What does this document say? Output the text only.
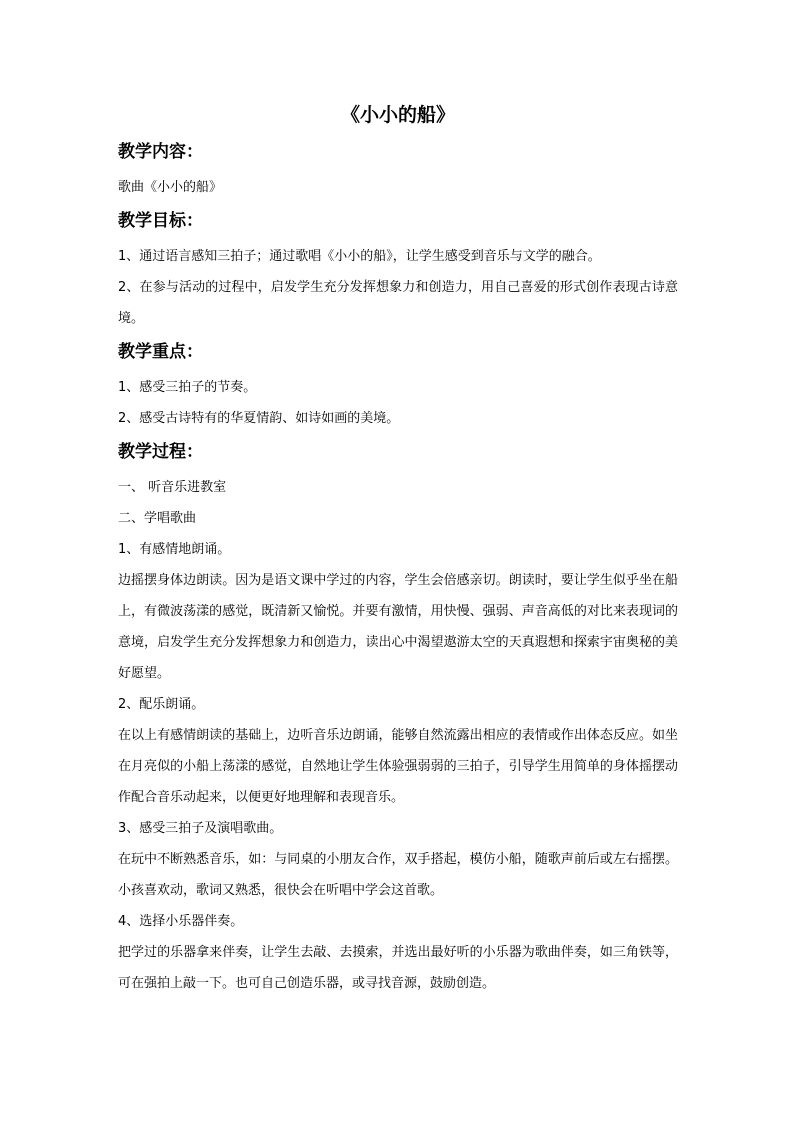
《小小的船》
教学内容：

歌曲《小小的船》

教学目标：

1、通过语言感知三拍子；通过歌唱《小小的船》，让学生感受到音乐与文学的融合。

2、在参与活动的过程中，启发学生充分发挥想象力和创造力，用自己喜爱的形式创作表现古诗意境。

教学重点：

1、感受三拍子的节奏。

2、感受古诗特有的华夏情韵、如诗如画的美境。

教学过程：

一、 听音乐进教室

二、学唱歌曲

1、有感情地朗诵。

边摇摆身体边朗读。因为是语文课中学过的内容，学生会倍感亲切。朗读时，要让学生似乎坐在船上，有微波荡漾的感觉，既清新又愉悦。并要有激情，用快慢、强弱、声音高低的对比来表现词的意境，启发学生充分发挥想象力和创造力，读出心中渴望遨游太空的天真遐想和探索宇宙奥秘的美好愿望。

2、配乐朗诵。

在以上有感情朗读的基础上，边听音乐边朗诵，能够自然流露出相应的表情或作出体态反应。如坐在月亮似的小船上荡漾的感觉，自然地让学生体验强弱弱的三拍子，引导学生用简单的身体摇摆动作配合音乐动起来，以便更好地理解和表现音乐。

3、感受三拍子及演唱歌曲。

在玩中不断熟悉音乐，如：与同桌的小朋友合作，双手搭起，模仿小船，随歌声前后或左右摇摆。小孩喜欢动，歌词又熟悉，很快会在听唱中学会这首歌。

4、选择小乐器伴奏。

把学过的乐器拿来伴奏，让学生去敲、去摸索，并选出最好听的小乐器为歌曲伴奏，如三角铁等，可在强拍上敲一下。也可自己创造乐器，或寻找音源，鼓励创造。
